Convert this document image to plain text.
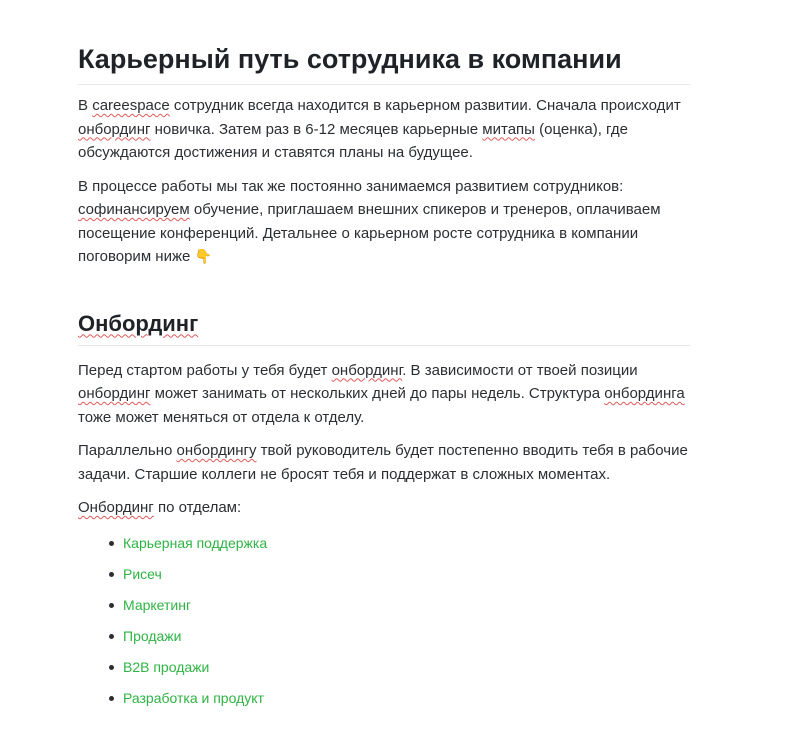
Карьерный путь сотрудника в компании

В careespace сотрудник всегда находится в карьерном развитии. Сначала происходит онбординг новичка. Затем раз в 6-12 месяцев карьерные митапы (оценка), где обсуждаются достижения и ставятся планы на будущее.

В процессе работы мы так же постоянно занимаемся развитием сотрудников: софинансируем обучение, приглашаем внешних спикеров и тренеров, оплачиваем посещение конференций. Детальнее о карьерном росте сотрудника в компании поговорим ниже 👇

Онбординг

Перед стартом работы у тебя будет онбординг. В зависимости от твоей позиции онбординг может занимать от нескольких дней до пары недель. Структура онбординга тоже может меняться от отдела к отделу.

Параллельно онбордингу твой руководитель будет постепенно вводить тебя в рабочие задачи. Старшие коллеги не бросят тебя и поддержат в сложных моментах.

Онбординг по отделам:

Карьерная поддержка
Рисеч
Маркетинг
Продажи
B2B продажи
Разработка и продукт
